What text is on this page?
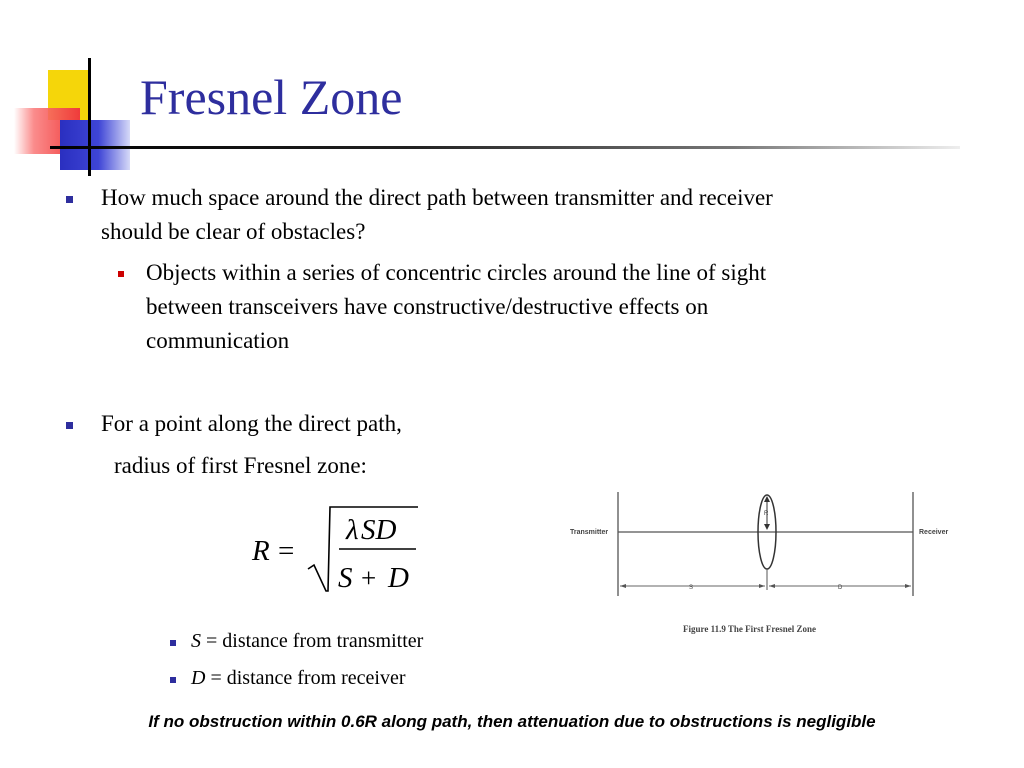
Fresnel Zone
How much space around the direct path between transmitter and receiver
should be clear of obstacles?
Objects within a series of concentric circles around the line of sight
between transceivers have constructive/destructive effects on
communication
For a point along the direct path,
radius of first Fresnel zone:
R =
λ SD
S + D
S = distance from transmitter
D = distance from receiver
R
S	D
Transmitter	Receiver
Figure 11.9 The First Fresnel Zone
If no obstruction within 0.6R along path, then attenuation due to obstructions is negligible
